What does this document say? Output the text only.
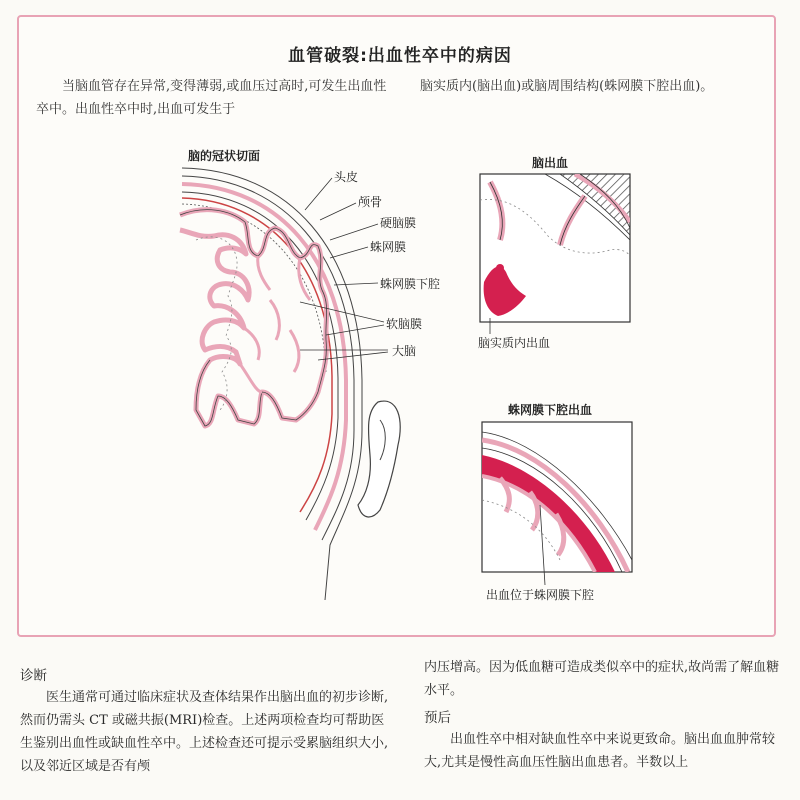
血管破裂:出血性卒中的病因

当脑血管存在异常,变得薄弱,或血压过高时,可发生出血性卒中。出血性卒中时,出血可发生于

脑实质内(脑出血)或脑周围结构(蛛网膜下腔出血)。

脑的冠状切面
头皮
颅骨
硬脑膜
蛛网膜
蛛网膜下腔
软脑膜
大脑
脑出血
脑实质内出血
蛛网膜下腔出血
出血位于蛛网膜下腔
诊断

医生通常可通过临床症状及查体结果作出脑出血的初步诊断,然而仍需头 CT 或磁共振(MRI)检查。上述两项检查均可帮助医生鉴别出血性或缺血性卒中。上述检查还可提示受累脑组织大小,以及邻近区域是否有颅

内压增高。因为低血糖可造成类似卒中的症状,故尚需了解血糖水平。

预后

出血性卒中相对缺血性卒中来说更致命。脑出血血肿常较大,尤其是慢性高血压性脑出血患者。半数以上
